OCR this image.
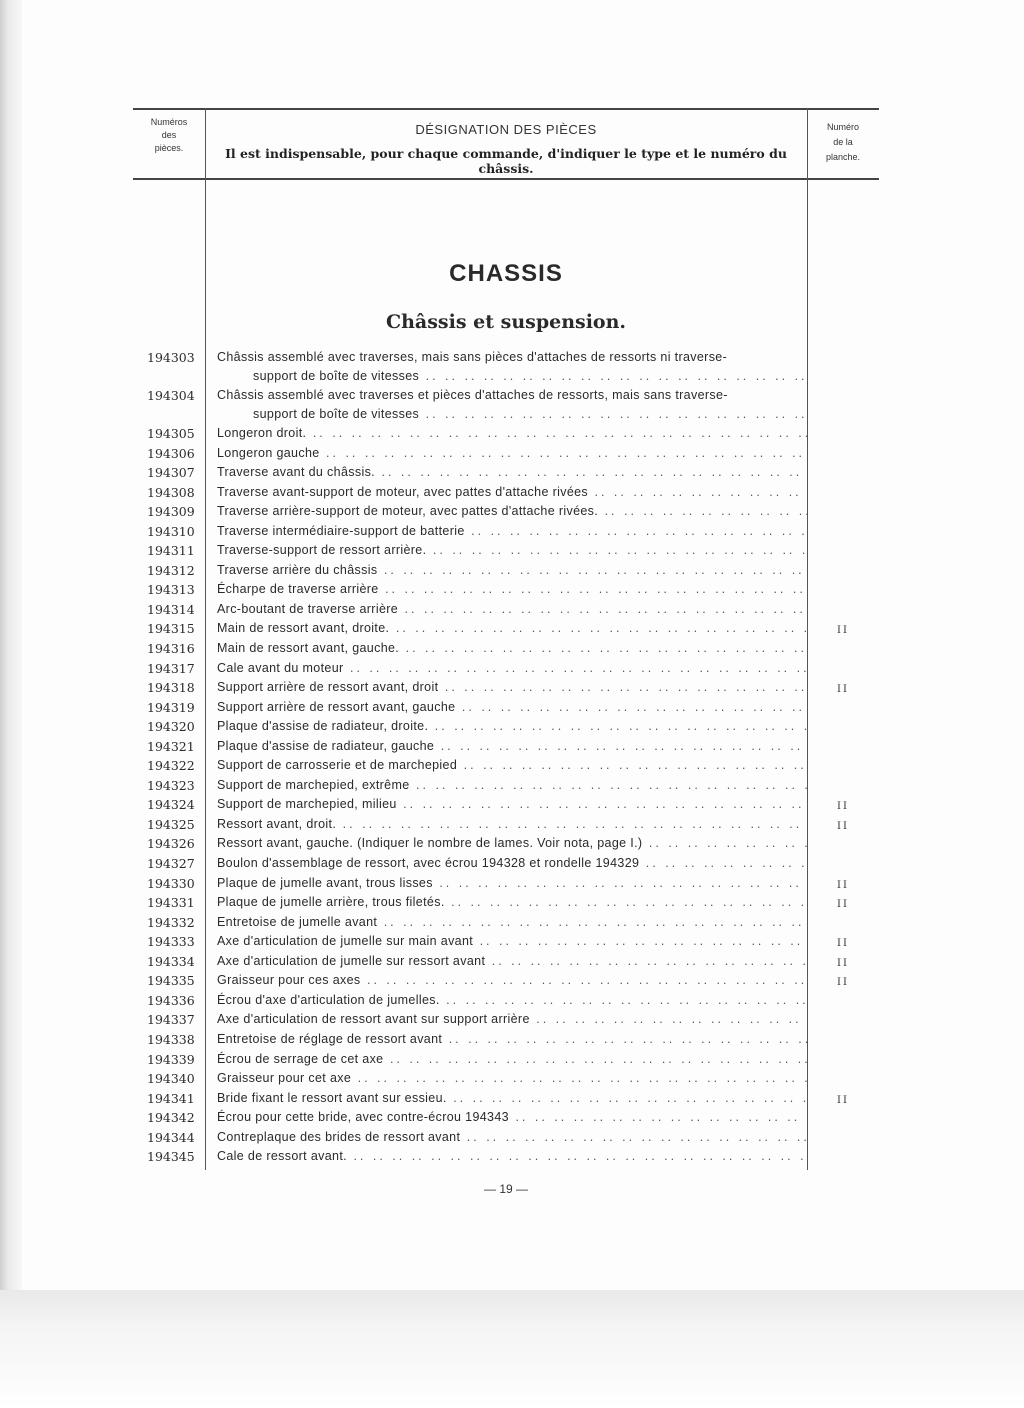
Numéros
des
pièces.
DÉSIGNATION DES PIÈCES
Il est indispensable, pour chaque commande, d'indiquer le type et le numéro du châssis.
Numéro
de la
planche.
CHASSIS
Châssis et suspension.
194303	Châssis assemblé avec traverses, mais sans pièces d'attaches de ressorts ni traverse-
support de boîte de vitesses .. ..
194304	Châssis assemblé avec traverses et pièces d'attaches de ressorts, mais sans traverse-
support de boîte de vitesses .. ..
194305	Longeron droit. .. ..
194306	Longeron gauche .. ..
194307	Traverse avant du châssis. .. ..
194308	Traverse avant-support de moteur, avec pattes d'attache rivées .. ..
194309	Traverse arrière-support de moteur, avec pattes d'attache rivées. .. ..
194310	Traverse intermédiaire-support de batterie .. ..
194311	Traverse-support de ressort arrière. .. ..
194312	Traverse arrière du châssis .. ..
194313	Écharpe de traverse arrière .. ..
194314	Arc-boutant de traverse arrière .. ..
194315	Main de ressort avant, droite. .. ..	II
194316	Main de ressort avant, gauche. .. ..
194317	Cale avant du moteur .. ..
194318	Support arrière de ressort avant, droit .. ..	II
194319	Support arrière de ressort avant, gauche .. ..
194320	Plaque d'assise de radiateur, droite. .. ..
194321	Plaque d'assise de radiateur, gauche .. ..
194322	Support de carrosserie et de marchepied .. ..
194323	Support de marchepied, extrême .. ..
194324	Support de marchepied, milieu .. ..	II
194325	Ressort avant, droit. .. ..	II
194326	Ressort avant, gauche. (Indiquer le nombre de lames. Voir nota, page I.) .. ..
194327	Boulon d'assemblage de ressort, avec écrou 194328 et rondelle 194329 .. ..
194330	Plaque de jumelle avant, trous lisses .. ..	II
194331	Plaque de jumelle arrière, trous filetés. .. ..	II
194332	Entretoise de jumelle avant .. ..
194333	Axe d'articulation de jumelle sur main avant .. ..	II
194334	Axe d'articulation de jumelle sur ressort avant .. ..	II
194335	Graisseur pour ces axes .. ..	II
194336	Écrou d'axe d'articulation de jumelles. .. ..
194337	Axe d'articulation de ressort avant sur support arrière .. ..
194338	Entretoise de réglage de ressort avant .. ..
194339	Écrou de serrage de cet axe .. ..
194340	Graisseur pour cet axe .. ..
194341	Bride fixant le ressort avant sur essieu. .. ..	II
194342	Écrou pour cette bride, avec contre-écrou 194343 .. ..
194344	Contreplaque des brides de ressort avant .. ..
194345	Cale de ressort avant. .. ..
— 19 —
